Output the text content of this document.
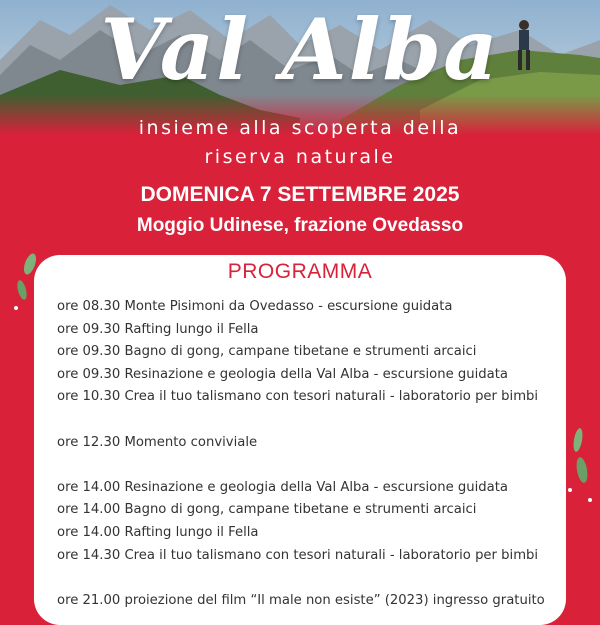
Val Alba
insieme alla scoperta della
riserva naturale
DOMENICA 7 SETTEMBRE 2025
Moggio Udinese, frazione Ovedasso
PROGRAMMA
ore 08.30 Monte Pisimoni da Ovedasso - escursione guidata
ore 09.30 Rafting lungo il Fella
ore 09.30 Bagno di gong, campane tibetane e strumenti arcaici
ore 09.30 Resinazione e geologia della Val Alba - escursione guidata
ore 10.30 Crea il tuo talismano con tesori naturali - laboratorio per bimbi
ore 12.30 Momento conviviale
ore 14.00 Resinazione e geologia della Val Alba - escursione guidata
ore 14.00 Bagno di gong, campane tibetane e strumenti arcaici
ore 14.00 Rafting lungo il Fella
ore 14.30 Crea il tuo talismano con tesori naturali - laboratorio per bimbi
ore 21.00 proiezione del film “Il male non esiste” (2023) ingresso gratuito
